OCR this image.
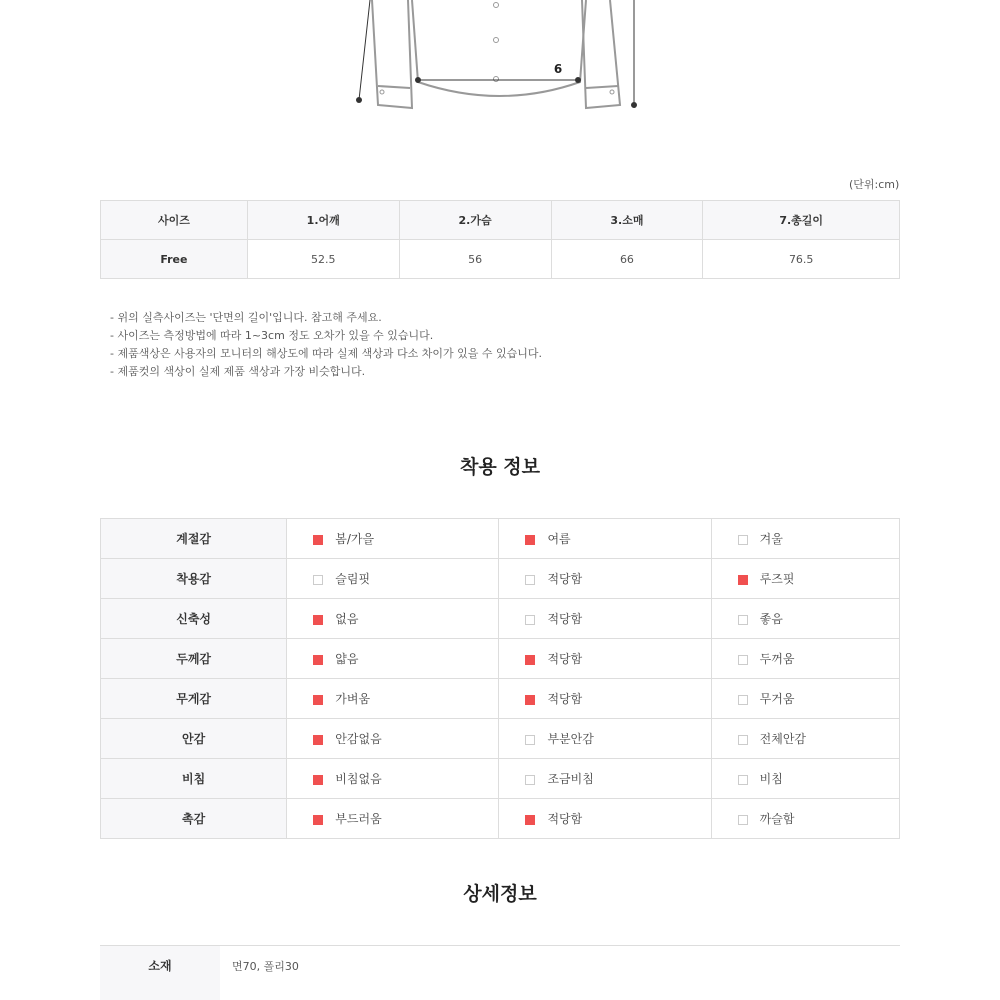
6
(단위:cm)
사이즈	1.어깨	2.가슴	3.소매	7.총길이
Free	52.5	56	66	76.5
- 위의 실측사이즈는 '단면의 길이'입니다. 참고해 주세요.
- 사이즈는 측정방법에 따라 1~3cm 정도 오차가 있을 수 있습니다.
- 제품색상은 사용자의 모니터의 해상도에 따라 실제 색상과 다소 차이가 있을 수 있습니다.
- 제품컷의 색상이 실제 제품 색상과 가장 비슷합니다.
착용 정보
계절감	봄/가을	여름	겨울
착용감	슬림핏	적당함	루즈핏
신축성	없음	적당함	좋음
두께감	얇음	적당함	두꺼움
무게감	가벼움	적당함	무거움
안감	안감없음	부분안감	전체안감
비침	비침없음	조금비침	비침
촉감	부드러움	적당함	까슬함
상세정보
소재	면70, 폴리30
